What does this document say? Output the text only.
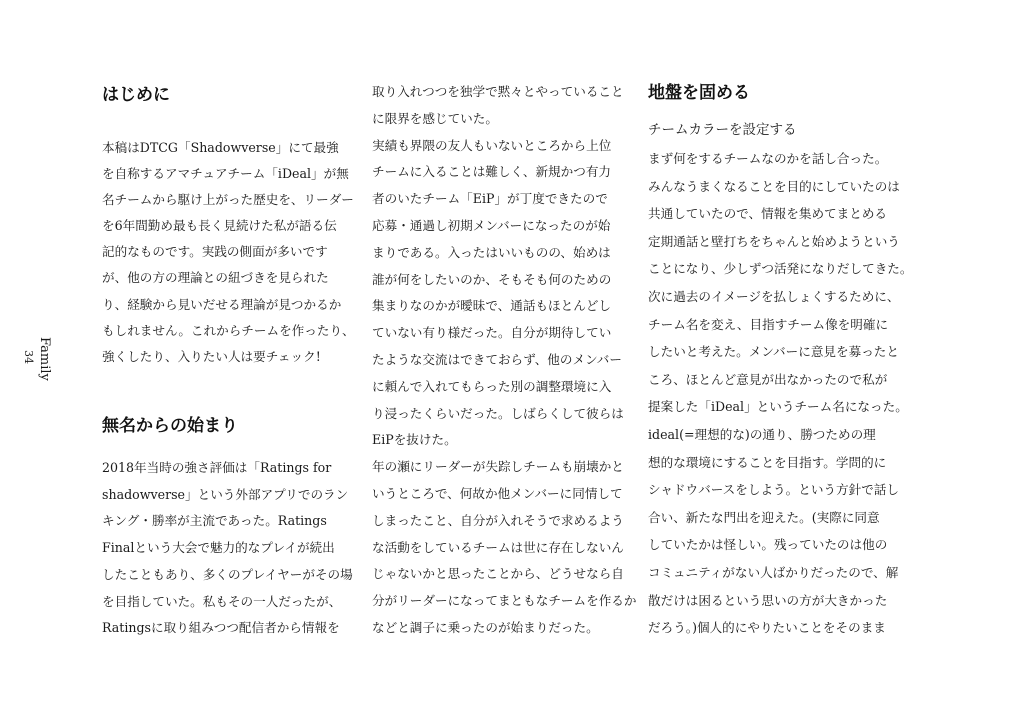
Family
34
はじめに
本稿はDTCG「Shadowverse」にて最強
を自称するアマチュアチーム「iDeal」が無
名チームから駆け上がった歴史を、リーダー
を6年間勤め最も長く見続けた私が語る伝
記的なものです。実践の側面が多いです
が、他の方の理論との紐づきを見られた
り、経験から見いだせる理論が見つかるか
もしれません。これからチームを作ったり、
強くしたり、入りたい人は要チェック!
無名からの始まり
2018年当時の強さ評価は「Ratings for
shadowverse」という外部アプリでのラン
キング・勝率が主流であった。Ratings
Finalという大会で魅力的なプレイが続出
したこともあり、多くのプレイヤーがその場
を目指していた。私もその一人だったが、
Ratingsに取り組みつつ配信者から情報を
取り入れつつを独学で黙々とやっていること
に限界を感じていた。
実績も界隈の友人もいないところから上位
チームに入ることは難しく、新規かつ有力
者のいたチーム「EiP」が丁度できたので
応募・通過し初期メンバーになったのが始
まりである。入ったはいいものの、始めは
誰が何をしたいのか、そもそも何のための
集まりなのかが曖昧で、通話もほとんどし
ていない有り様だった。自分が期待してい
たような交流はできておらず、他のメンバー
に頼んで入れてもらった別の調整環境に入
り浸ったくらいだった。しばらくして彼らは
EiPを抜けた。
年の瀬にリーダーが失踪しチームも崩壊かと
いうところで、何故か他メンバーに同情して
しまったこと、自分が入れそうで求めるよう
な活動をしているチームは世に存在しないん
じゃないかと思ったことから、どうせなら自
分がリーダーになってまともなチームを作るか
などと調子に乗ったのが始まりだった。
地盤を固める
チームカラーを設定する
まず何をするチームなのかを話し合った。
みんなうまくなることを目的にしていたのは
共通していたので、情報を集めてまとめる
定期通話と壁打ちをちゃんと始めようという
ことになり、少しずつ活発になりだしてきた。
次に過去のイメージを払しょくするために、
チーム名を変え、目指すチーム像を明確に
したいと考えた。メンバーに意見を募ったと
ころ、ほとんど意見が出なかったので私が
提案した「iDeal」というチーム名になった。
ideal(=理想的な)の通り、勝つための理
想的な環境にすることを目指す。学問的に
シャドウバースをしよう。という方針で話し
合い、新たな門出を迎えた。(実際に同意
していたかは怪しい。残っていたのは他の
コミュニティがない人ばかりだったので、解
散だけは困るという思いの方が大きかった
だろう。)個人的にやりたいことをそのまま
